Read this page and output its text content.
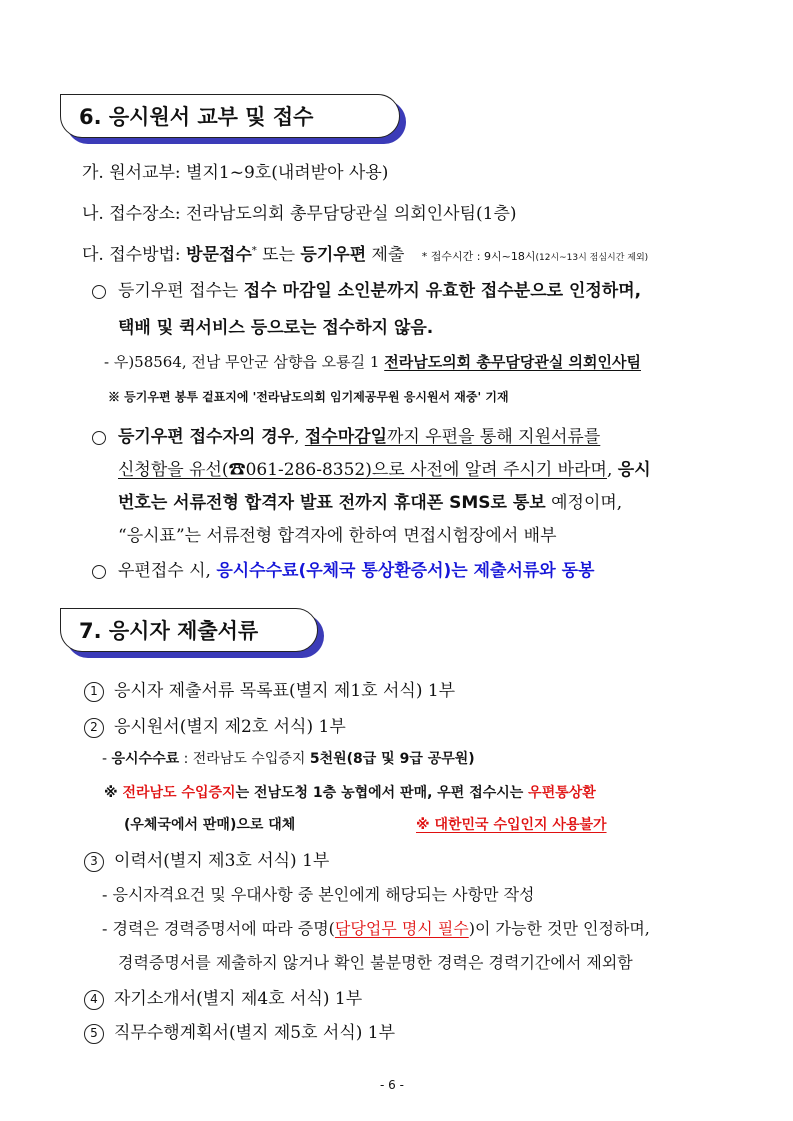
6. 응시원서 교부 및 접수
가. 원서교부: 별지1~9호(내려받아 사용)
나. 접수장소: 전라남도의회 총무담당관실 의회인사팀(1층)
다. 접수방법: 방문접수* 또는 등기우편 제출 * 접수시간 : 9시~18시(12시~13시 점심시간 제외)
등기우편 접수는 접수 마감일 소인분까지 유효한 접수분으로 인정하며,
택배 및 퀵서비스 등으로는 접수하지 않음.
- 우)58564, 전남 무안군 삼향읍 오룡길 1 전라남도의회 총무담당관실 의회인사팀
※ 등기우편 봉투 겉표지에 '전라남도의회 임기제공무원 응시원서 재중' 기재
등기우편 접수자의 경우, 접수마감일까지 우편을 통해 지원서류를
신청함을 유선(☎061-286-8352)으로 사전에 알려 주시기 바라며, 응시
번호는 서류전형 합격자 발표 전까지 휴대폰 SMS로 통보 예정이며,
“응시표”는 서류전형 합격자에 한하여 면접시험장에서 배부
우편접수 시, 응시수수료(우체국 통상환증서)는 제출서류와 동봉
7. 응시자 제출서류
1 응시자 제출서류 목록표(별지 제1호 서식) 1부
2 응시원서(별지 제2호 서식) 1부
- 응시수수료 : 전라남도 수입증지 5천원(8급 및 9급 공무원)
※ 전라남도 수입증지는 전남도청 1층 농협에서 판매, 우편 접수시는 우편통상환
(우체국에서 판매)으로 대체	※ 대한민국 수입인지 사용불가
3 이력서(별지 제3호 서식) 1부
- 응시자격요건 및 우대사항 중 본인에게 해당되는 사항만 작성
- 경력은 경력증명서에 따라 증명(담당업무 명시 필수)이 가능한 것만 인정하며,
경력증명서를 제출하지 않거나 확인 불분명한 경력은 경력기간에서 제외함
4 자기소개서(별지 제4호 서식) 1부
5 직무수행계획서(별지 제5호 서식) 1부
- 6 -
